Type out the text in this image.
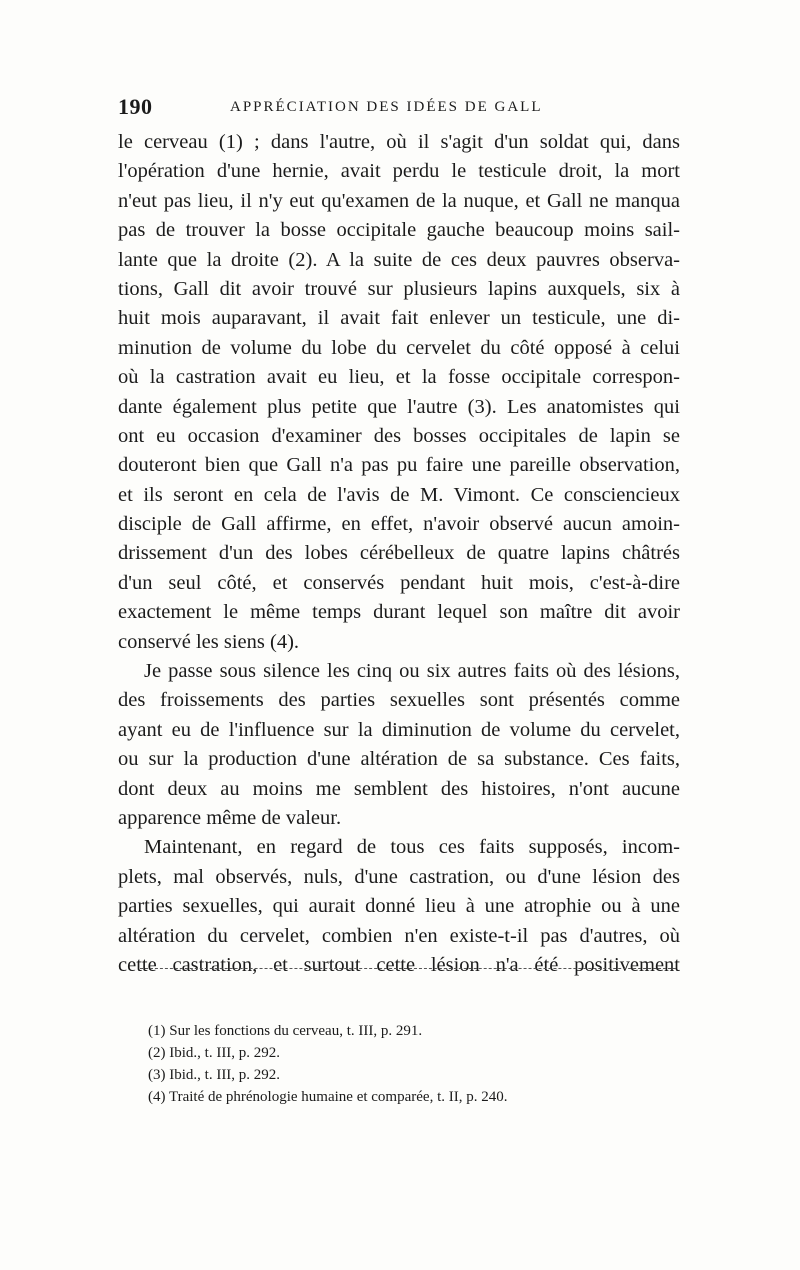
190	APPRÉCIATION DES IDÉES DE GALL
le cerveau (1) ; dans l'autre, où il s'agit d'un soldat qui, dans
l'opération d'une hernie, avait perdu le testicule droit, la mort
n'eut pas lieu, il n'y eut qu'examen de la nuque, et Gall ne manqua
pas de trouver la bosse occipitale gauche beaucoup moins sail-
lante que la droite (2). A la suite de ces deux pauvres observa-
tions, Gall dit avoir trouvé sur plusieurs lapins auxquels, six à
huit mois auparavant, il avait fait enlever un testicule, une di-
minution de volume du lobe du cervelet du côté opposé à celui
où la castration avait eu lieu, et la fosse occipitale correspon-
dante également plus petite que l'autre (3). Les anatomistes qui
ont eu occasion d'examiner des bosses occipitales de lapin se
douteront bien que Gall n'a pas pu faire une pareille observation,
et ils seront en cela de l'avis de M. Vimont. Ce consciencieux
disciple de Gall affirme, en effet, n'avoir observé aucun amoin-
drissement d'un des lobes cérébelleux de quatre lapins châtrés
d'un seul côté, et conservés pendant huit mois, c'est-à-dire
exactement le même temps durant lequel son maître dit avoir
conservé les siens (4).
Je passe sous silence les cinq ou six autres faits où des lésions,
des froissements des parties sexuelles sont présentés comme
ayant eu de l'influence sur la diminution de volume du cervelet,
ou sur la production d'une altération de sa substance. Ces faits,
dont deux au moins me semblent des histoires, n'ont aucune
apparence même de valeur.
Maintenant, en regard de tous ces faits supposés, incom-
plets, mal observés, nuls, d'une castration, ou d'une lésion des
parties sexuelles, qui aurait donné lieu à une atrophie ou à une
altération du cervelet, combien n'en existe-t-il pas d'autres, où
cette castration, et surtout cette lésion n'a été positivement
(1) Sur les fonctions du cerveau, t. III, p. 291.
(2) Ibid., t. III, p. 292.
(3) Ibid., t. III, p. 292.
(4) Traité de phrénologie humaine et comparée, t. II, p. 240.
